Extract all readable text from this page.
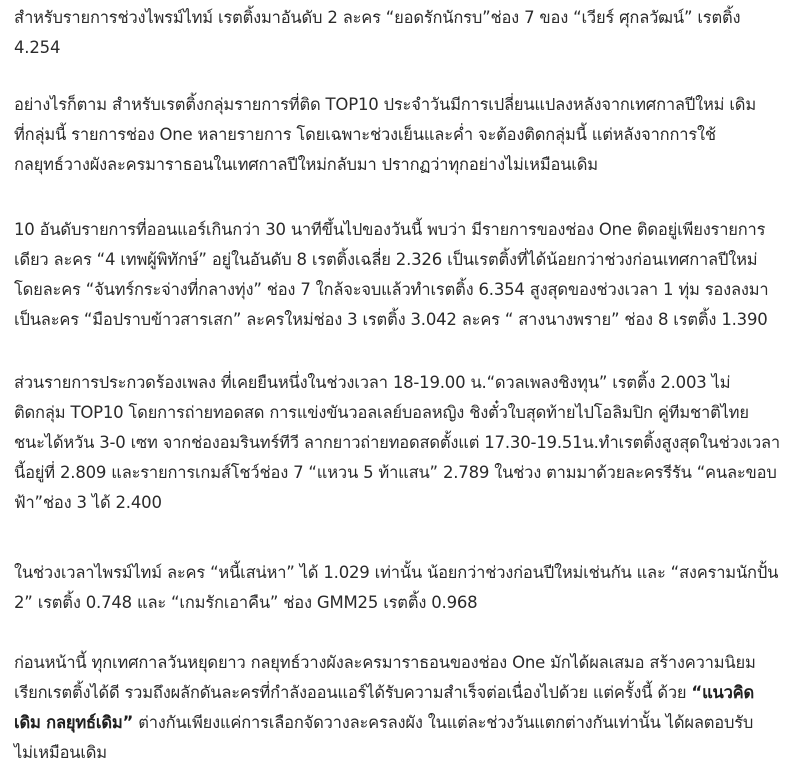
สำหรับรายการช่วงไพรม์ไทม์ เรตติ้งมาอันดับ 2 ละคร “ยอดรักนักรบ”ช่อง 7 ของ “เวียร์ ศุกลวัฒน์” เรตติ้ง
4.254

อย่างไรก็ตาม สำหรับเรตติ้งกลุ่มรายการที่ติด TOP10 ประจำวันมีการเปลี่ยนแปลงหลังจากเทศกาลปีใหม่ เดิม
ที่กลุ่มนี้ รายการช่อง One หลายรายการ โดยเฉพาะช่วงเย็นและค่ำ จะต้องติดกลุ่มนี้ แต่หลังจากการใช้
กลยุทธ์วางผังละครมาราธอนในเทศกาลปีใหม่กลับมา ปรากฏว่าทุกอย่างไม่เหมือนเดิม

10 อันดับรายการที่ออนแอร์เกินกว่า 30 นาทีขึ้นไปของวันนี้ พบว่า มีรายการของช่อง One ติดอยู่เพียงรายการ
เดียว ละคร “4 เทพผู้พิทักษ์” อยู่ในอันดับ 8 เรตติ้งเฉลี่ย 2.326 เป็นเรตติ้งที่ได้น้อยกว่าช่วงก่อนเทศกาลปีใหม่
โดยละคร “จันทร์กระจ่างที่กลางทุ่ง” ช่อง 7 ใกล้จะจบแล้วทำเรตติ้ง 6.354 สูงสุดของช่วงเวลา 1 ทุ่ม รองลงมา
เป็นละคร “มือปราบข้าวสารเสก” ละครใหม่ช่อง 3 เรตติ้ง 3.042 ละคร “ สางนางพราย” ช่อง 8 เรตติ้ง 1.390

ส่วนรายการประกวดร้องเพลง ที่เคยยืนหนึ่งในช่วงเวลา 18-19.00 น.“ดวลเพลงชิงทุน” เรตติ้ง 2.003 ไม่
ติดกลุ่ม TOP10 โดยการถ่ายทอดสด การแข่งขันวอลเลย์บอลหญิง ชิงตั๋วใบสุดท้ายไปโอลิมปิก คู่ทีมชาติไทย
ชนะได้หวัน 3-0 เซท จากช่องอมรินทร์ทีวี ลากยาวถ่ายทอดสดตั้งแต่ 17.30-19.51น.ทำเรตติ้งสูงสุดในช่วงเวลา
นี้อยู่ที่ 2.809 และรายการเกมส์โชว์ช่อง 7 “แหวน 5 ท้าแสน” 2.789 ในช่วง ตามมาด้วยละครรีรัน “คนละขอบ
ฟ้า”ช่อง 3 ได้ 2.400

ในช่วงเวลาไพรม์ไทม์ ละคร “หนี้เสน่หา” ได้ 1.029 เท่านั้น น้อยกว่าช่วงก่อนปีใหม่เช่นกัน และ “สงครามนักปั้น
2” เรตติ้ง 0.748 และ “เกมรักเอาคืน” ช่อง GMM25 เรตติ้ง 0.968

ก่อนหน้านี้ ทุกเทศกาลวันหยุดยาว กลยุทธ์วางผังละครมาราธอนของช่อง One มักได้ผลเสมอ สร้างความนิยม
เรียกเรตติ้งได้ดี รวมถึงผลักดันละครที่กำลังออนแอร์ได้รับความสำเร็จต่อเนื่องไปด้วย แต่ครั้งนี้ ด้วย “แนวคิด
เดิม กลยุทธ์เดิม” ต่างกันเพียงแค่การเลือกจัดวางละครลงผัง ในแต่ละช่วงวันแตกต่างกันเท่านั้น ได้ผลตอบรับ
ไม่เหมือนเดิม
